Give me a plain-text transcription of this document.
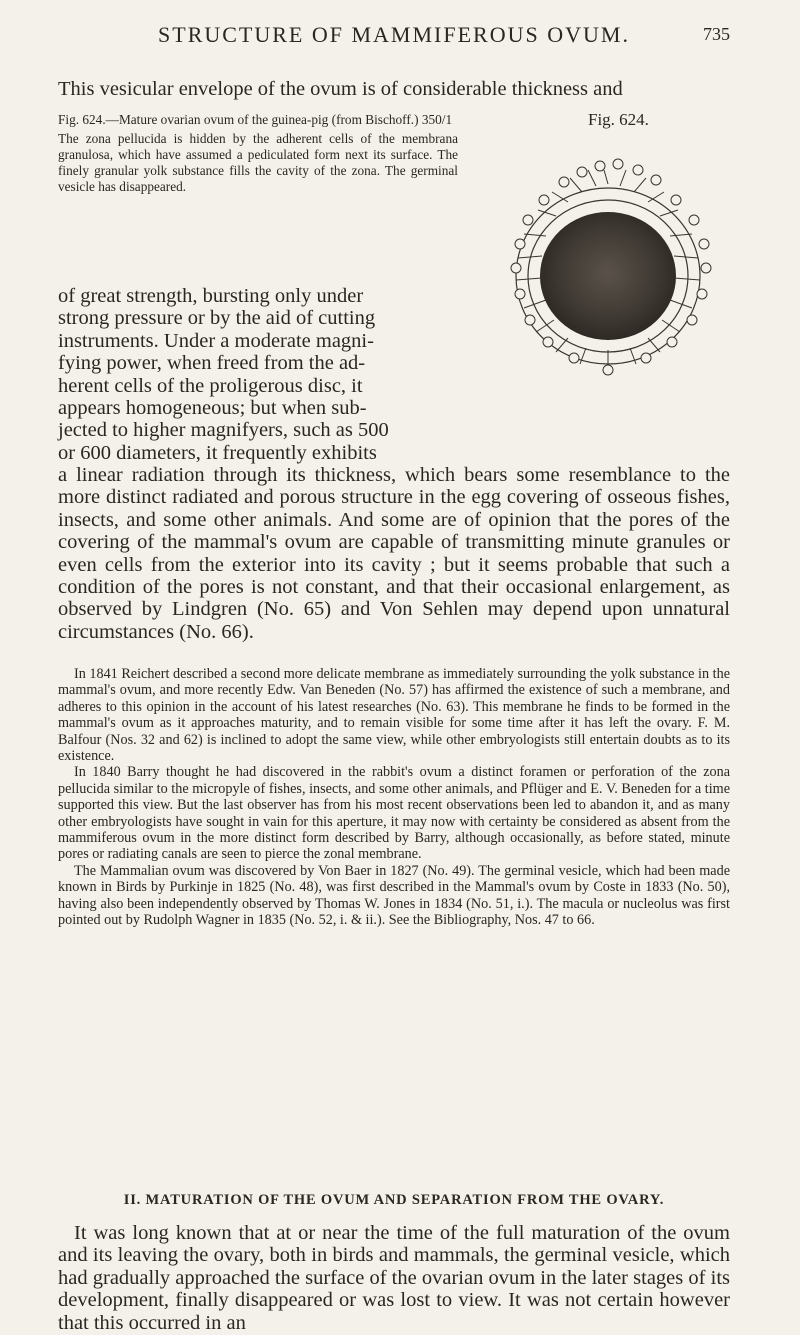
STRUCTURE OF MAMMIFEROUS OVUM.	735

This vesicular envelope of the ovum is of considerable thickness and

Fig. 624.—Mature ovarian ovum of the guinea-pig (from Bischoff.) 350/1

The zona pellucida is hidden by the adherent cells of the membrana granulosa, which have assumed a pediculated form next its surface. The finely granular yolk substance fills the cavity of the zona. The germinal vesicle has disappeared.

Fig. 624.
of great strength, bursting only under
strong pressure or by the aid of cutting
instruments. Under a moderate magni-
fying power, when freed from the ad-
herent cells of the proligerous disc, it
appears homogeneous; but when sub-
jected to higher magnifyers, such as 500
or 600 diameters, it frequently exhibits

a linear radiation through its thickness, which bears some resemblance to the more distinct radiated and porous structure in the egg covering of osseous fishes, insects, and some other animals. And some are of opinion that the pores of the covering of the mammal's ovum are capable of transmitting minute granules or even cells from the exterior into its cavity ; but it seems probable that such a condition of the pores is not constant, and that their occasional enlargement, as observed by Lindgren (No. 65) and Von Sehlen may depend upon unnatural circumstances (No. 66).

In 1841 Reichert described a second more delicate membrane as immediately surrounding the yolk substance in the mammal's ovum, and more recently Edw. Van Beneden (No. 57) has affirmed the existence of such a membrane, and adheres to this opinion in the account of his latest researches (No. 63). This membrane he finds to be formed in the mammal's ovum as it approaches maturity, and to remain visible for some time after it has left the ovary. F. M. Balfour (Nos. 32 and 62) is inclined to adopt the same view, while other embryologists still entertain doubts as to its existence.

In 1840 Barry thought he had discovered in the rabbit's ovum a distinct foramen or perforation of the zona pellucida similar to the micropyle of fishes, insects, and some other animals, and Pflüger and E. V. Beneden for a time supported this view. But the last observer has from his most recent observations been led to abandon it, and as many other embryologists have sought in vain for this aperture, it may now with certainty be considered as absent from the mammiferous ovum in the more distinct form described by Barry, although occasionally, as before stated, minute pores or radiating canals are seen to pierce the zonal membrane.

The Mammalian ovum was discovered by Von Baer in 1827 (No. 49). The germinal vesicle, which had been made known in Birds by Purkinje in 1825 (No. 48), was first described in the Mammal's ovum by Coste in 1833 (No. 50), having also been independently observed by Thomas W. Jones in 1834 (No. 51, i.). The macula or nucleolus was first pointed out by Rudolph Wagner in 1835 (No. 52, i. & ii.). See the Bibliography, Nos. 47 to 66.

II. MATURATION OF THE OVUM AND SEPARATION FROM THE OVARY.

It was long known that at or near the time of the full maturation of the ovum and its leaving the ovary, both in birds and mammals, the germinal vesicle, which had gradually approached the surface of the ovarian ovum in the later stages of its development, finally disappeared or was lost to view. It was not certain however that this occurred in an
